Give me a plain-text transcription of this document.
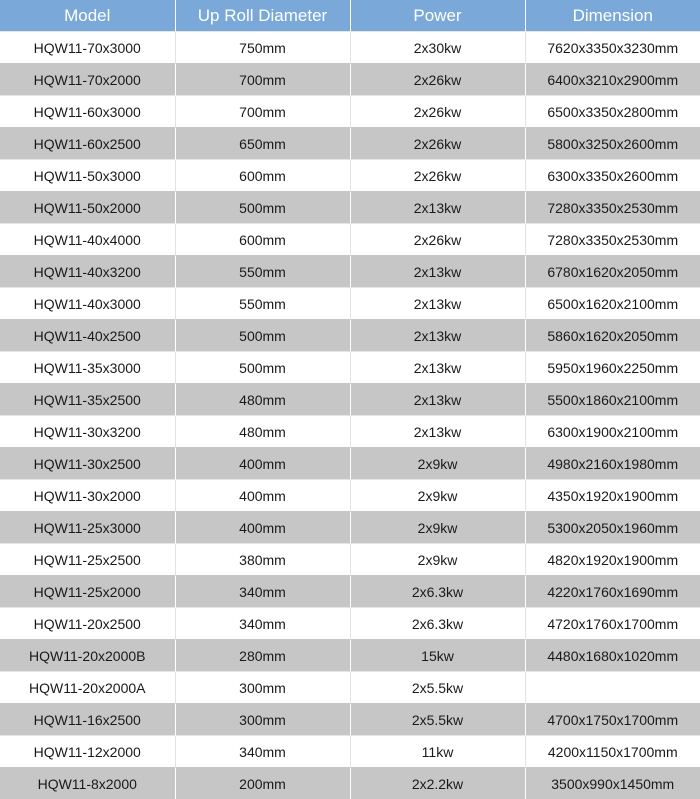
Model	Up Roll Diameter	Power	Dimension
HQW11-70x3000	750mm	2x30kw	7620x3350x3230mm
HQW11-70x2000	700mm	2x26kw	6400x3210x2900mm
HQW11-60x3000	700mm	2x26kw	6500x3350x2800mm
HQW11-60x2500	650mm	2x26kw	5800x3250x2600mm
HQW11-50x3000	600mm	2x26kw	6300x3350x2600mm
HQW11-50x2000	500mm	2x13kw	7280x3350x2530mm
HQW11-40x4000	600mm	2x26kw	7280x3350x2530mm
HQW11-40x3200	550mm	2x13kw	6780x1620x2050mm
HQW11-40x3000	550mm	2x13kw	6500x1620x2100mm
HQW11-40x2500	500mm	2x13kw	5860x1620x2050mm
HQW11-35x3000	500mm	2x13kw	5950x1960x2250mm
HQW11-35x2500	480mm	2x13kw	5500x1860x2100mm
HQW11-30x3200	480mm	2x13kw	6300x1900x2100mm
HQW11-30x2500	400mm	2x9kw	4980x2160x1980mm
HQW11-30x2000	400mm	2x9kw	4350x1920x1900mm
HQW11-25x3000	400mm	2x9kw	5300x2050x1960mm
HQW11-25x2500	380mm	2x9kw	4820x1920x1900mm
HQW11-25x2000	340mm	2x6.3kw	4220x1760x1690mm
HQW11-20x2500	340mm	2x6.3kw	4720x1760x1700mm
HQW11-20x2000B	280mm	15kw	4480x1680x1020mm
HQW11-20x2000A	300mm	2x5.5kw	
HQW11-16x2500	300mm	2x5.5kw	4700x1750x1700mm
HQW11-12x2000	340mm	11kw	4200x1150x1700mm
HQW11-8x2000	200mm	2x2.2kw	3500x990x1450mm
